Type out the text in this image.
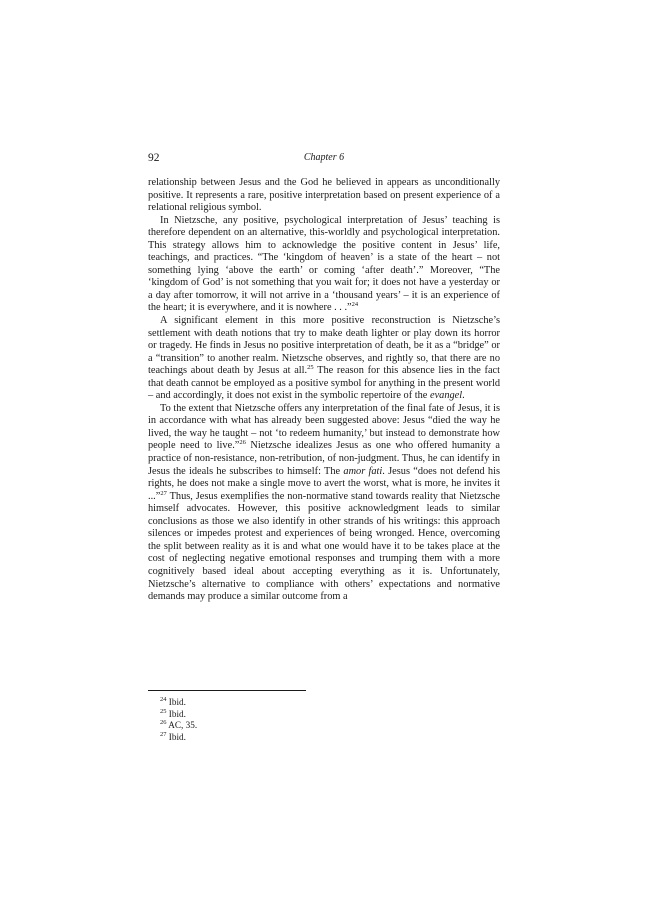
92	Chapter 6

relationship between Jesus and the God he believed in appears as unconditionally positive. It represents a rare, positive interpretation based on present experience of a relational religious symbol.

In Nietzsche, any positive, psychological interpretation of Jesus’ teaching is therefore dependent on an alternative, this-worldly and psychological interpretation. This strategy allows him to acknowledge the positive content in Jesus’ life, teachings, and practices. “The ‘kingdom of heaven’ is a state of the heart – not something lying ‘above the earth’ or coming ‘after death’.” Moreover, “The ‘kingdom of God’ is not something that you wait for; it does not have a yesterday or a day after tomorrow, it will not arrive in a ‘thousand years’ – it is an experience of the heart; it is everywhere, and it is nowhere . . .”$^{24}$

A significant element in this more positive reconstruction is Nietzsche’s settlement with death notions that try to make death lighter or play down its horror or tragedy. He finds in Jesus no positive interpretation of death, be it as a “bridge” or a “transition” to another realm. Nietzsche observes, and rightly so, that there are no teachings about death by Jesus at all.$^{25}$ The reason for this absence lies in the fact that death cannot be employed as a positive symbol for anything in the present world – and accordingly, it does not exist in the symbolic repertoire of the evangel.

To the extent that Nietzsche offers any interpretation of the final fate of Jesus, it is in accordance with what has already been suggested above: Jesus “died the way he lived, the way he taught – not ‘to redeem humanity,’ but instead to demonstrate how people need to live.”$^{26}$ Nietzsche idealizes Jesus as one who offered humanity a practice of non-resistance, non-retribution, of non-judgment. Thus, he can identify in Jesus the ideals he subscribes to himself: The amor fati. Jesus “does not defend his rights, he does not make a single move to avert the worst, what is more, he invites it ...”$^{27}$ Thus, Jesus exemplifies the non-normative stand towards reality that Nietzsche himself advocates. However, this positive acknowledgment leads to similar conclusions as those we also identify in other strands of his writings: this approach silences or impedes protest and experiences of being wronged. Hence, overcoming the split between reality as it is and what one would have it to be takes place at the cost of neglecting negative emotional responses and trumping them with a more cognitively based ideal about accepting everything as it is. Unfortunately, Nietzsche’s alternative to compliance with others’ expectations and normative demands may produce a similar outcome from a

$^{24}$ Ibid.

$^{25}$ Ibid.

$^{26}$ AC, 35.

$^{27}$ Ibid.
